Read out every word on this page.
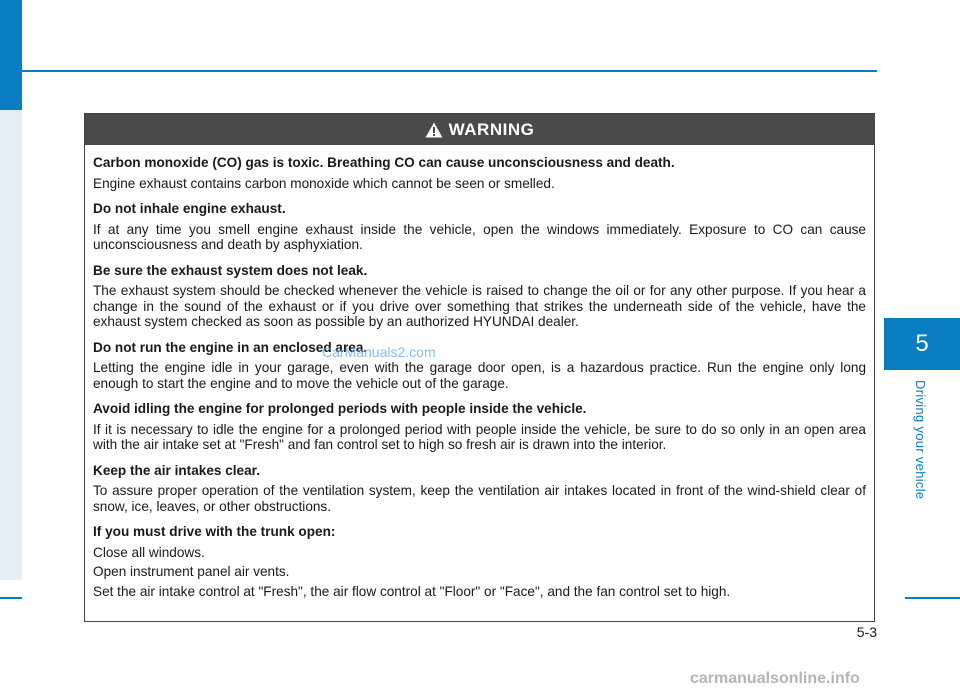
WARNING
Carbon monoxide (CO) gas is toxic. Breathing CO can cause unconsciousness and death.
Engine exhaust contains carbon monoxide which cannot be seen or smelled.
Do not inhale engine exhaust.
If at any time you smell engine exhaust inside the vehicle, open the windows immediately. Exposure to CO can cause unconsciousness and death by asphyxiation.
Be sure the exhaust system does not leak.
The exhaust system should be checked whenever the vehicle is raised to change the oil or for any other purpose. If you hear a change in the sound of the exhaust or if you drive over something that strikes the underneath side of the vehicle, have the exhaust system checked as soon as possible by an authorized HYUNDAI dealer.
Do not run the engine in an enclosed area.
Letting the engine idle in your garage, even with the garage door open, is a hazardous practice. Run the engine only long enough to start the engine and to move the vehicle out of the garage.
Avoid idling the engine for prolonged periods with people inside the vehicle.
If it is necessary to idle the engine for a prolonged period with people inside the vehicle, be sure to do so only in an open area with the air intake set at "Fresh" and fan control set to high so fresh air is drawn into the interior.
Keep the air intakes clear.
To assure proper operation of the ventilation system, keep the ventilation air intakes located in front of the wind-shield clear of snow, ice, leaves, or other obstructions.
If you must drive with the trunk open:
Close all windows.
Open instrument panel air vents.
Set the air intake control at "Fresh", the air flow control at "Floor" or "Face", and the fan control set to high.
CarManuals2.com	5
Driving your vehicle
5-3
carmanualsonline.info
